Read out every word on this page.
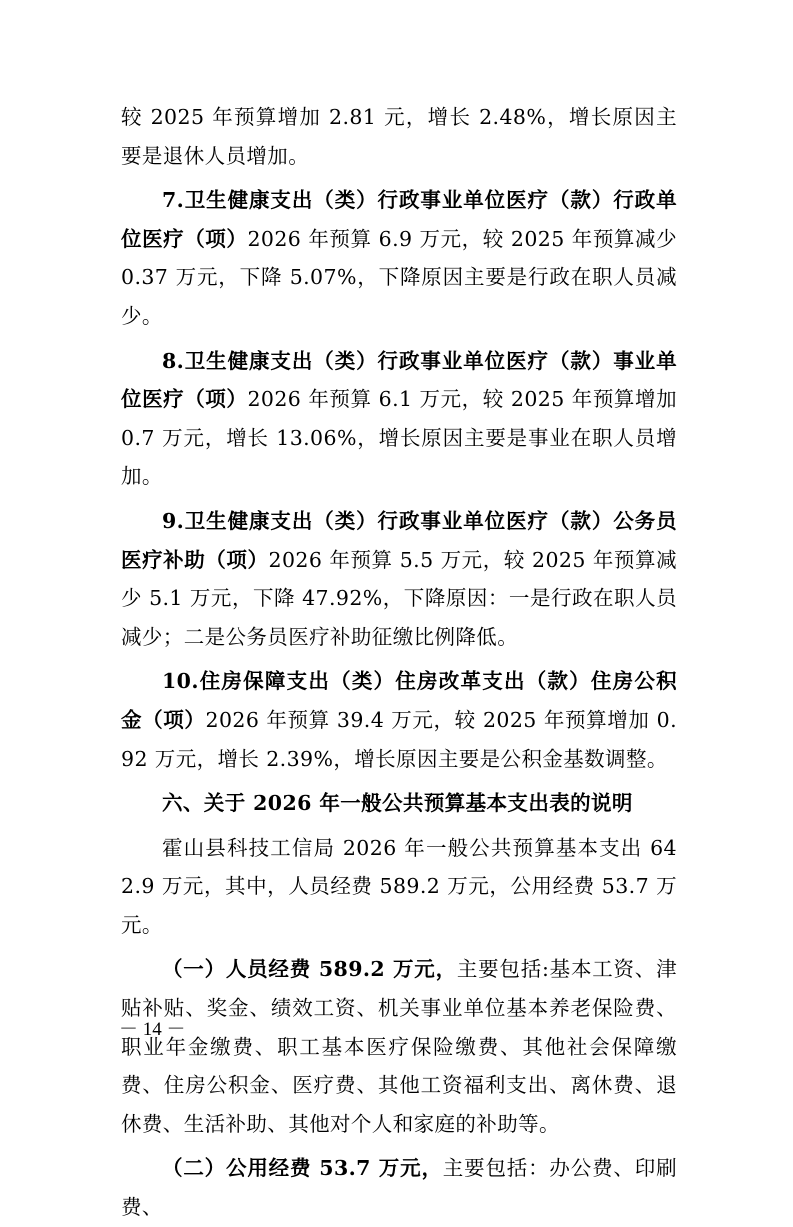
较 2025 年预算增加 2.81 元，增长 2.48%，增长原因主要是退休人员增加。

7.卫生健康支出（类）行政事业单位医疗（款）行政单位医疗（项）2026 年预算 6.9 万元，较 2025 年预算减少 0.37 万元，下降 5.07%，下降原因主要是行政在职人员减少。

8.卫生健康支出（类）行政事业单位医疗（款）事业单位医疗（项）2026 年预算 6.1 万元，较 2025 年预算增加 0.7 万元，增长 13.06%，增长原因主要是事业在职人员增加。

9.卫生健康支出（类）行政事业单位医疗（款）公务员医疗补助（项）2026 年预算 5.5 万元，较 2025 年预算减少 5.1 万元，下降 47.92%，下降原因：一是行政在职人员减少；二是公务员医疗补助征缴比例降低。

10.住房保障支出（类）住房改革支出（款）住房公积金（项）2026 年预算 39.4 万元，较 2025 年预算增加 0.92 万元，增长 2.39%，增长原因主要是公积金基数调整。

六、关于 2026 年一般公共预算基本支出表的说明

霍山县科技工信局 2026 年一般公共预算基本支出 642.9 万元，其中，人员经费 589.2 万元，公用经费 53.7 万元。

（一）人员经费 589.2 万元，主要包括:基本工资、津贴补贴、奖金、绩效工资、机关事业单位基本养老保险费、职业年金缴费、职工基本医疗保险缴费、其他社会保障缴费、住房公积金、医疗费、其他工资福利支出、离休费、退休费、生活补助、其他对个人和家庭的补助等。

（二）公用经费 53.7 万元，主要包括：办公费、印刷费、

－ 14 －
